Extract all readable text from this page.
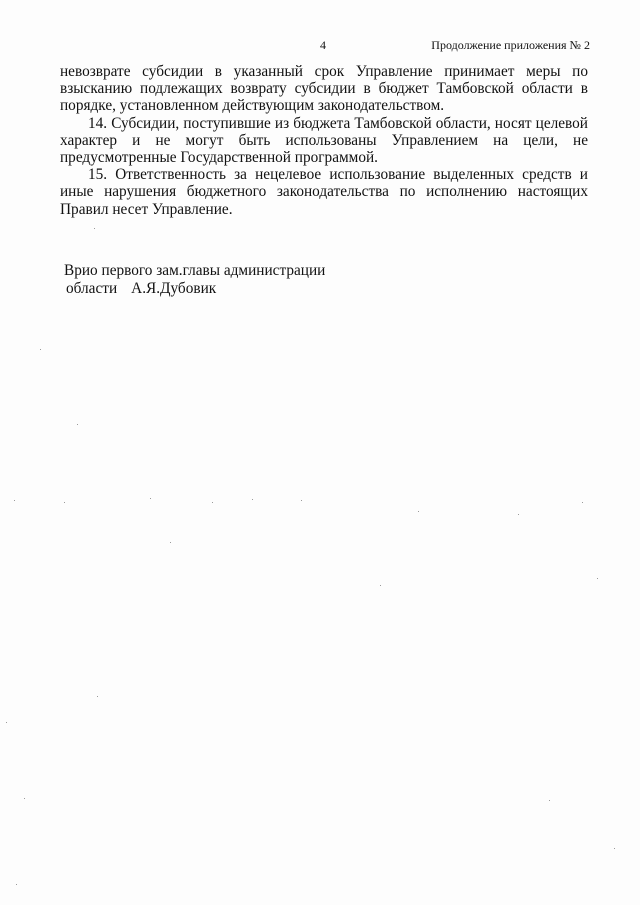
4	Продолжение приложения № 2

невозврате субсидии в указанный срок Управление принимает меры по взысканию подлежащих возврату субсидии в бюджет Тамбовской области в порядке, установленном действующим законодательством.

14. Субсидии, поступившие из бюджета Тамбовской области, носят целевой характер и не могут быть использованы Управлением на цели, не предусмотренные Государственной программой.

15. Ответственность за нецелевое использование выделенных средств и иные нарушения бюджетного законодательства по исполнению настоящих Правил несет Управление.

Врио первого зам.главы администрации
области А.Я.Дубовик
